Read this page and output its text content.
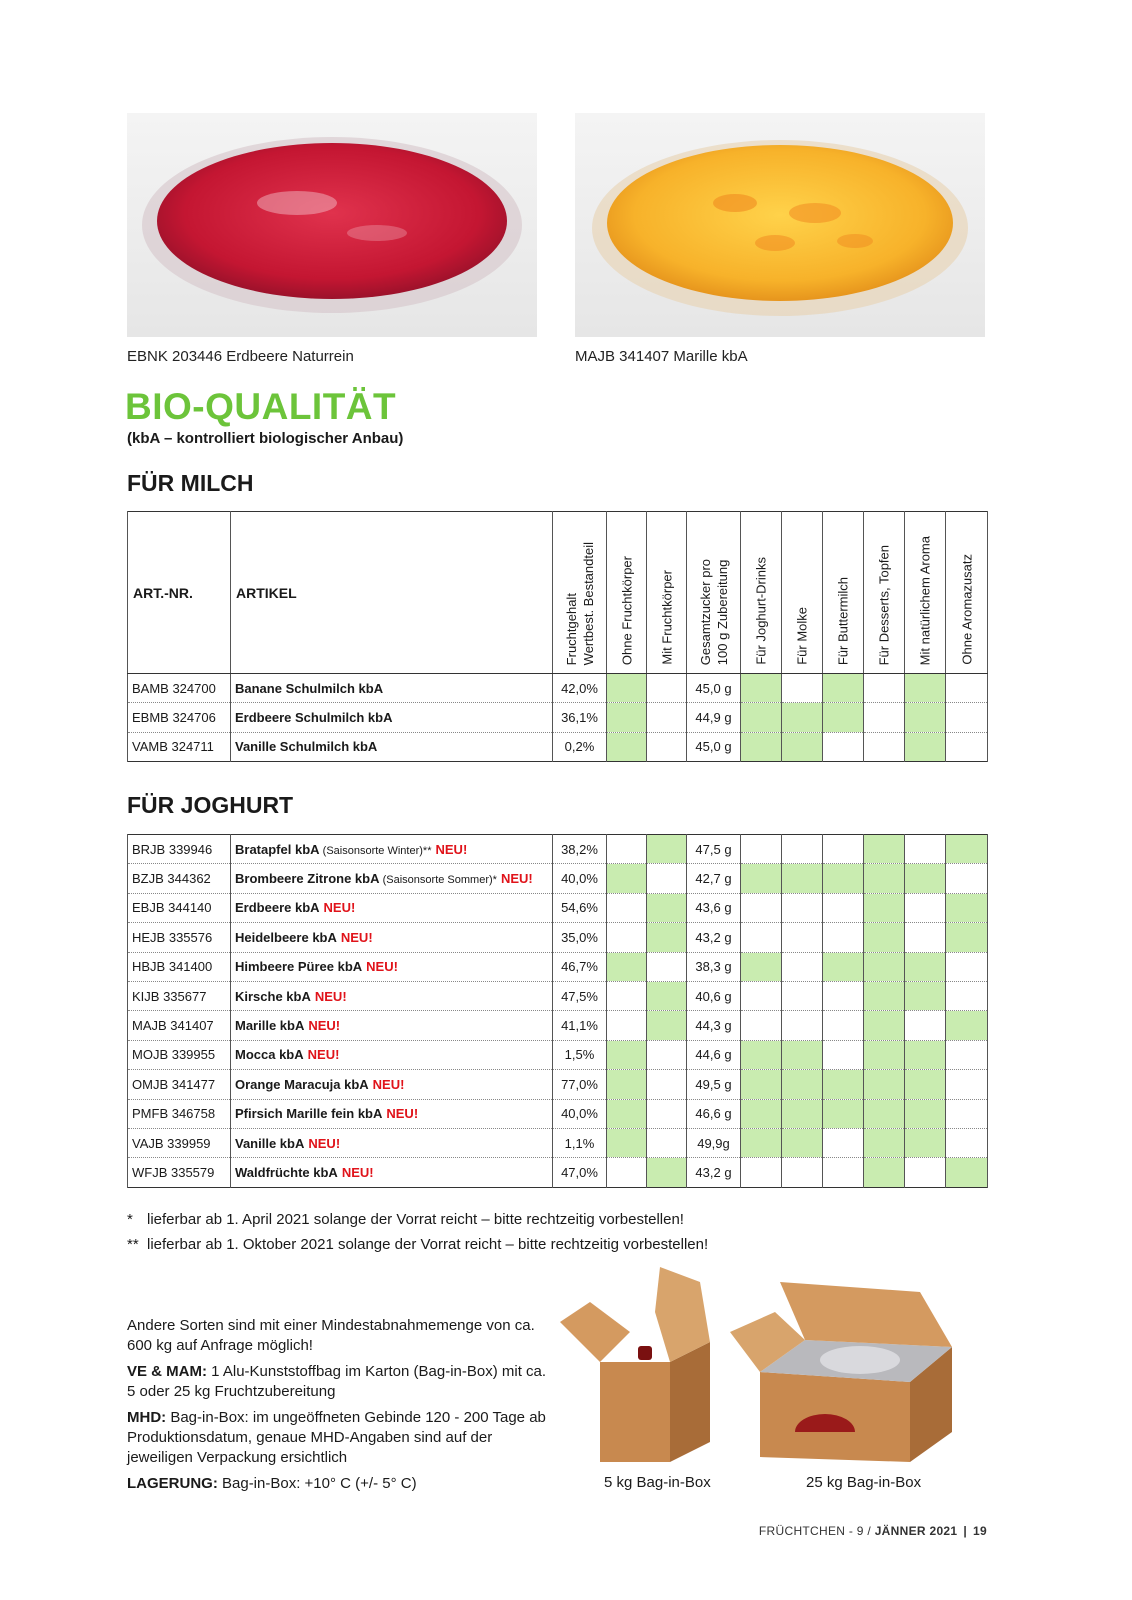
EBNK 203446 Erdbeere Naturrein	MAJB 341407 Marille kbA
BIO-QUALITÄT
(kbA – kontrolliert biologischer Anbau)
FÜR MILCH
ART.-NR.	ARTIKEL	Fruchtgehalt Wertbest. Bestandteil	Ohne Fruchtkörper	Mit Fruchtkörper	Gesamtzucker pro 100 g Zubereitung	Für Joghurt-Drinks	Für Molke	Für Buttermilch	Für Desserts, Topfen	Mit natürlichem Aroma	Ohne Aromazusatz

BAMB 324700	Banane Schulmilch kbA	42,0%			45,0 g						
EBMB 324706	Erdbeere Schulmilch kbA	36,1%			44,9 g						
VAMB 324711	Vanille Schulmilch kbA	0,2%			45,0 g						
FÜR JOGHURT
BRJB 339946	Bratapfel kbA (Saisonsorte Winter)** NEU!	38,2%			47,5 g						
BZJB 344362	Brombeere Zitrone kbA (Saisonsorte Sommer)* NEU!	40,0%			42,7 g						
EBJB 344140	Erdbeere kbA NEU!	54,6%			43,6 g						
HEJB 335576	Heidelbeere kbA NEU!	35,0%			43,2 g						
HBJB 341400	Himbeere Püree kbA NEU!	46,7%			38,3 g						
KIJB 335677	Kirsche kbA NEU!	47,5%			40,6 g						
MAJB 341407	Marille kbA NEU!	41,1%			44,3 g						
MOJB 339955	Mocca kbA NEU!	1,5%			44,6 g						
OMJB 341477	Orange Maracuja kbA NEU!	77,0%			49,5 g						
PMFB 346758	Pfirsich Marille fein kbA NEU!	40,0%			46,6 g						
VAJB 339959	Vanille kbA NEU!	1,1%			49,9g						
WFJB 335579	Waldfrüchte kbA NEU!	47,0%			43,2 g						
* lieferbar ab 1. April 2021 solange der Vorrat reicht – bitte rechtzeitig vorbestellen!
** lieferbar ab 1. Oktober 2021 solange der Vorrat reicht – bitte rechtzeitig vorbestellen!

Andere Sorten sind mit einer Mindestabnahmemenge von ca. 600 kg auf Anfrage möglich!

VE & MAM: 1 Alu-Kunststoffbag im Karton (Bag-in-Box) mit ca. 5 oder 25 kg Fruchtzubereitung

MHD: Bag-in-Box: im ungeöffneten Gebinde 120 - 200 Tage ab Produktionsdatum, genaue MHD-Angaben sind auf der jeweiligen Verpackung ersichtlich

LAGERUNG: Bag-in-Box: +10° C (+/- 5° C)	5 kg Bag-in-Box	25 kg Bag-in-Box
FRÜCHTCHEN - 9 / JÄNNER 2021 | 19
